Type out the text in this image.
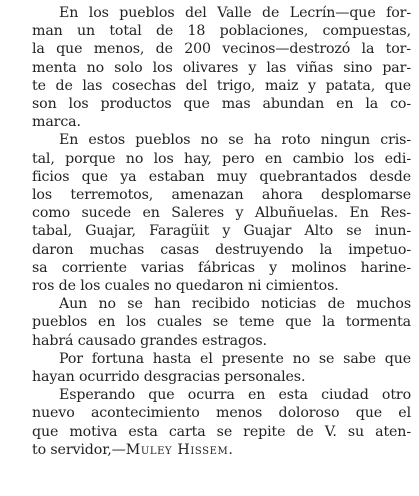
En los pueblos del Valle de Lecrín—que for-
man un total de 18 poblaciones, compuestas,
la que menos, de 200 vecinos—destrozó la tor-
menta no solo los olivares y las viñas sino par-
te de las cosechas del trigo, maiz y patata, que
son los productos que mas abundan en la co-
marca.

En estos pueblos no se ha roto ningun cris-
tal, porque no los hay, pero en cambio los edi-
ficios que ya estaban muy quebrantados desde
los terremotos, amenazan ahora desplomarse
como sucede en Saleres y Albuñuelas. En Res-
tabal, Guajar, Faragüit y Guajar Alto se inun-
daron muchas casas destruyendo la impetuo-
sa corriente varias fábricas y molinos harine-
ros de los cuales no quedaron ni cimientos.

Aun no se han recibido noticias de muchos
pueblos en los cuales se teme que la tormenta
habrá causado grandes estragos.

Por fortuna hasta el presente no se sabe que
hayan ocurrido desgracias personales.

Esperando que ocurra en esta ciudad otro
nuevo acontecimiento menos doloroso que el
que motiva esta carta se repite de V. su aten-
to servidor,—Muley Hissem.
